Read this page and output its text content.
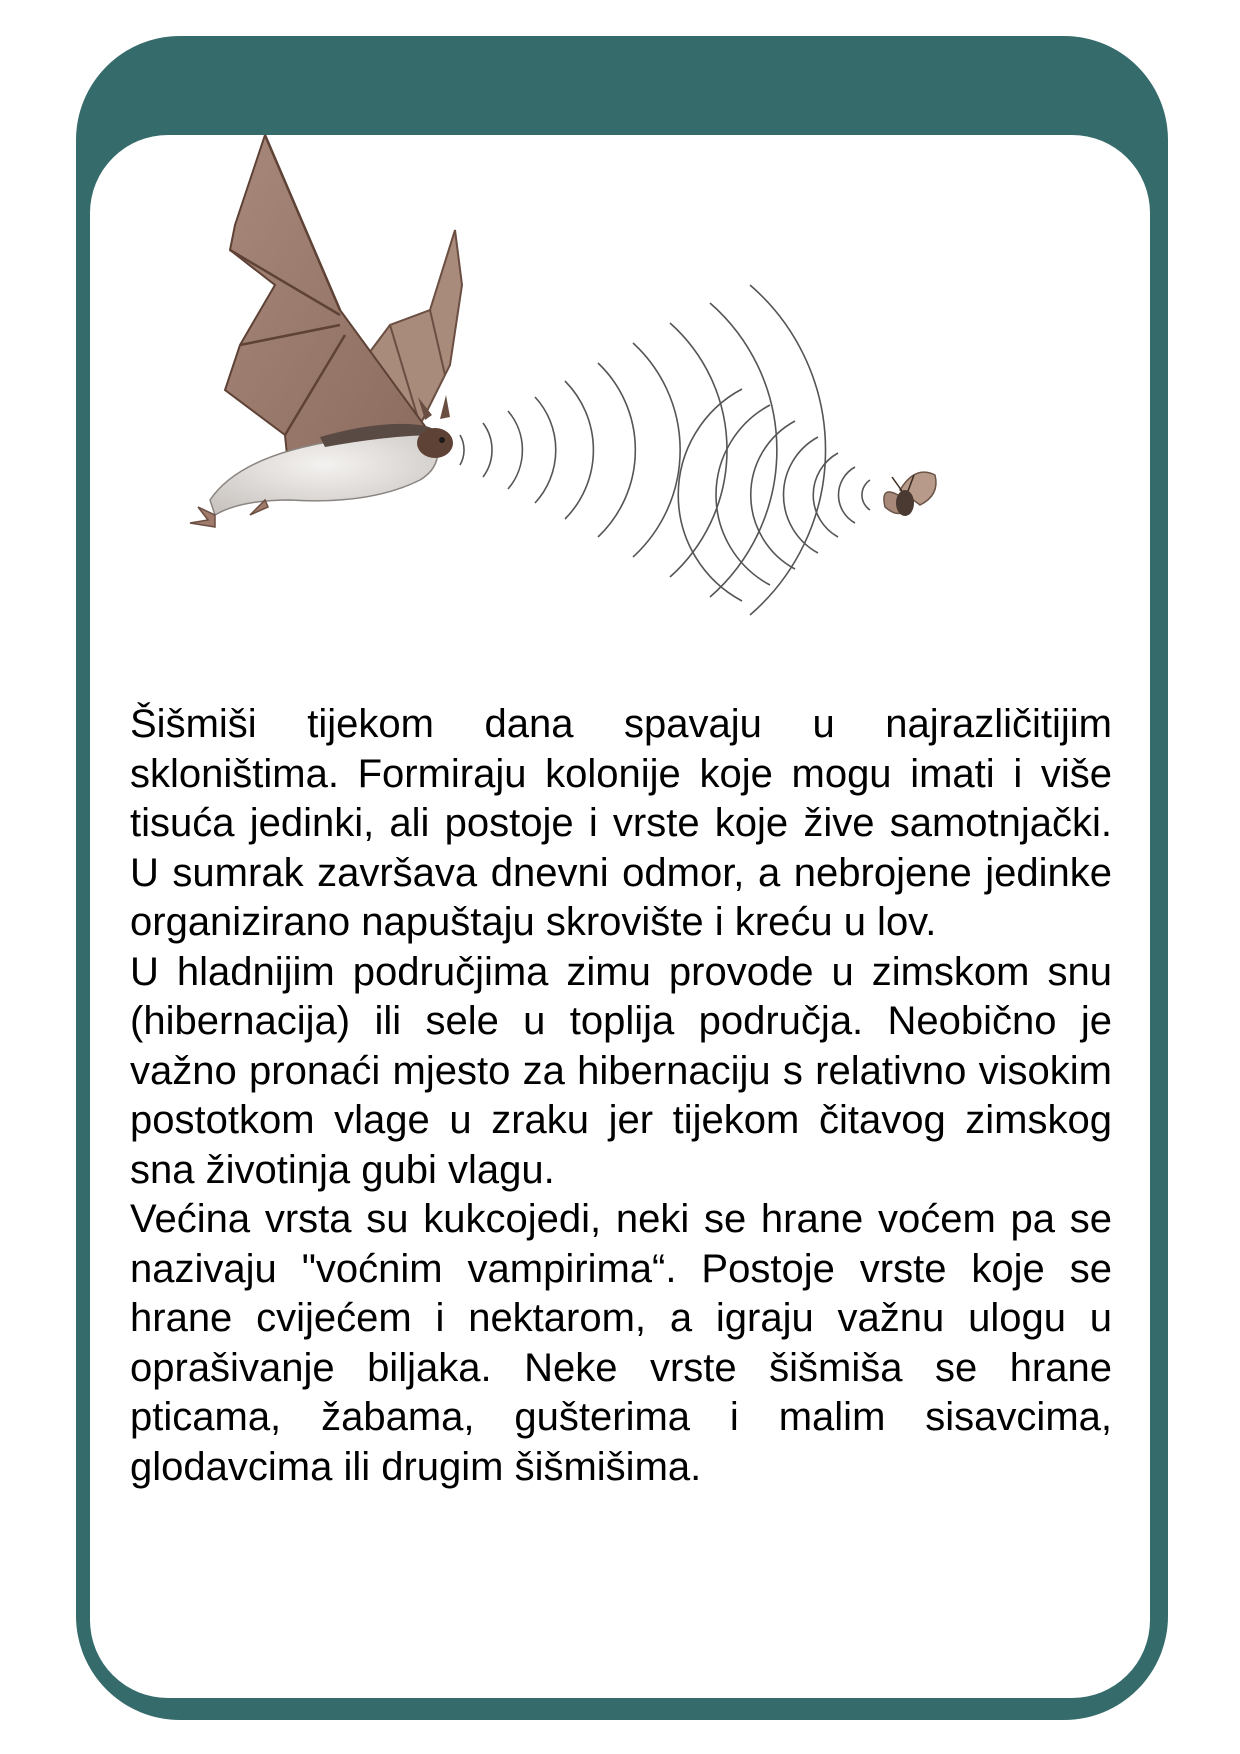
Šišmiši tijekom dana spavaju u najrazličitijim skloništima. Formiraju kolonije koje mogu imati i više tisuća jedinki, ali postoje i vrste koje žive samotnjački. U sumrak završava dnevni odmor, a nebrojene jedinke organizirano napuštaju skrovište i kreću u lov.

U hladnijim područjima zimu provode u zimskom snu (hibernacija) ili sele u toplija područja. Neobično je važno pronaći mjesto za hibernaciju s relativno visokim postotkom vlage u zraku jer tijekom čitavog zimskog sna životinja gubi vlagu.

Većina vrsta su kukcojedi, neki se hrane voćem pa se nazivaju "voćnim vampirima“. Postoje vrste koje se hrane cvijećem i nektarom, a igraju važnu ulogu u oprašivanje biljaka. Neke vrste šišmiša se hrane pticama, žabama, gušterima i malim sisavcima, glodavcima ili drugim šišmišima.
